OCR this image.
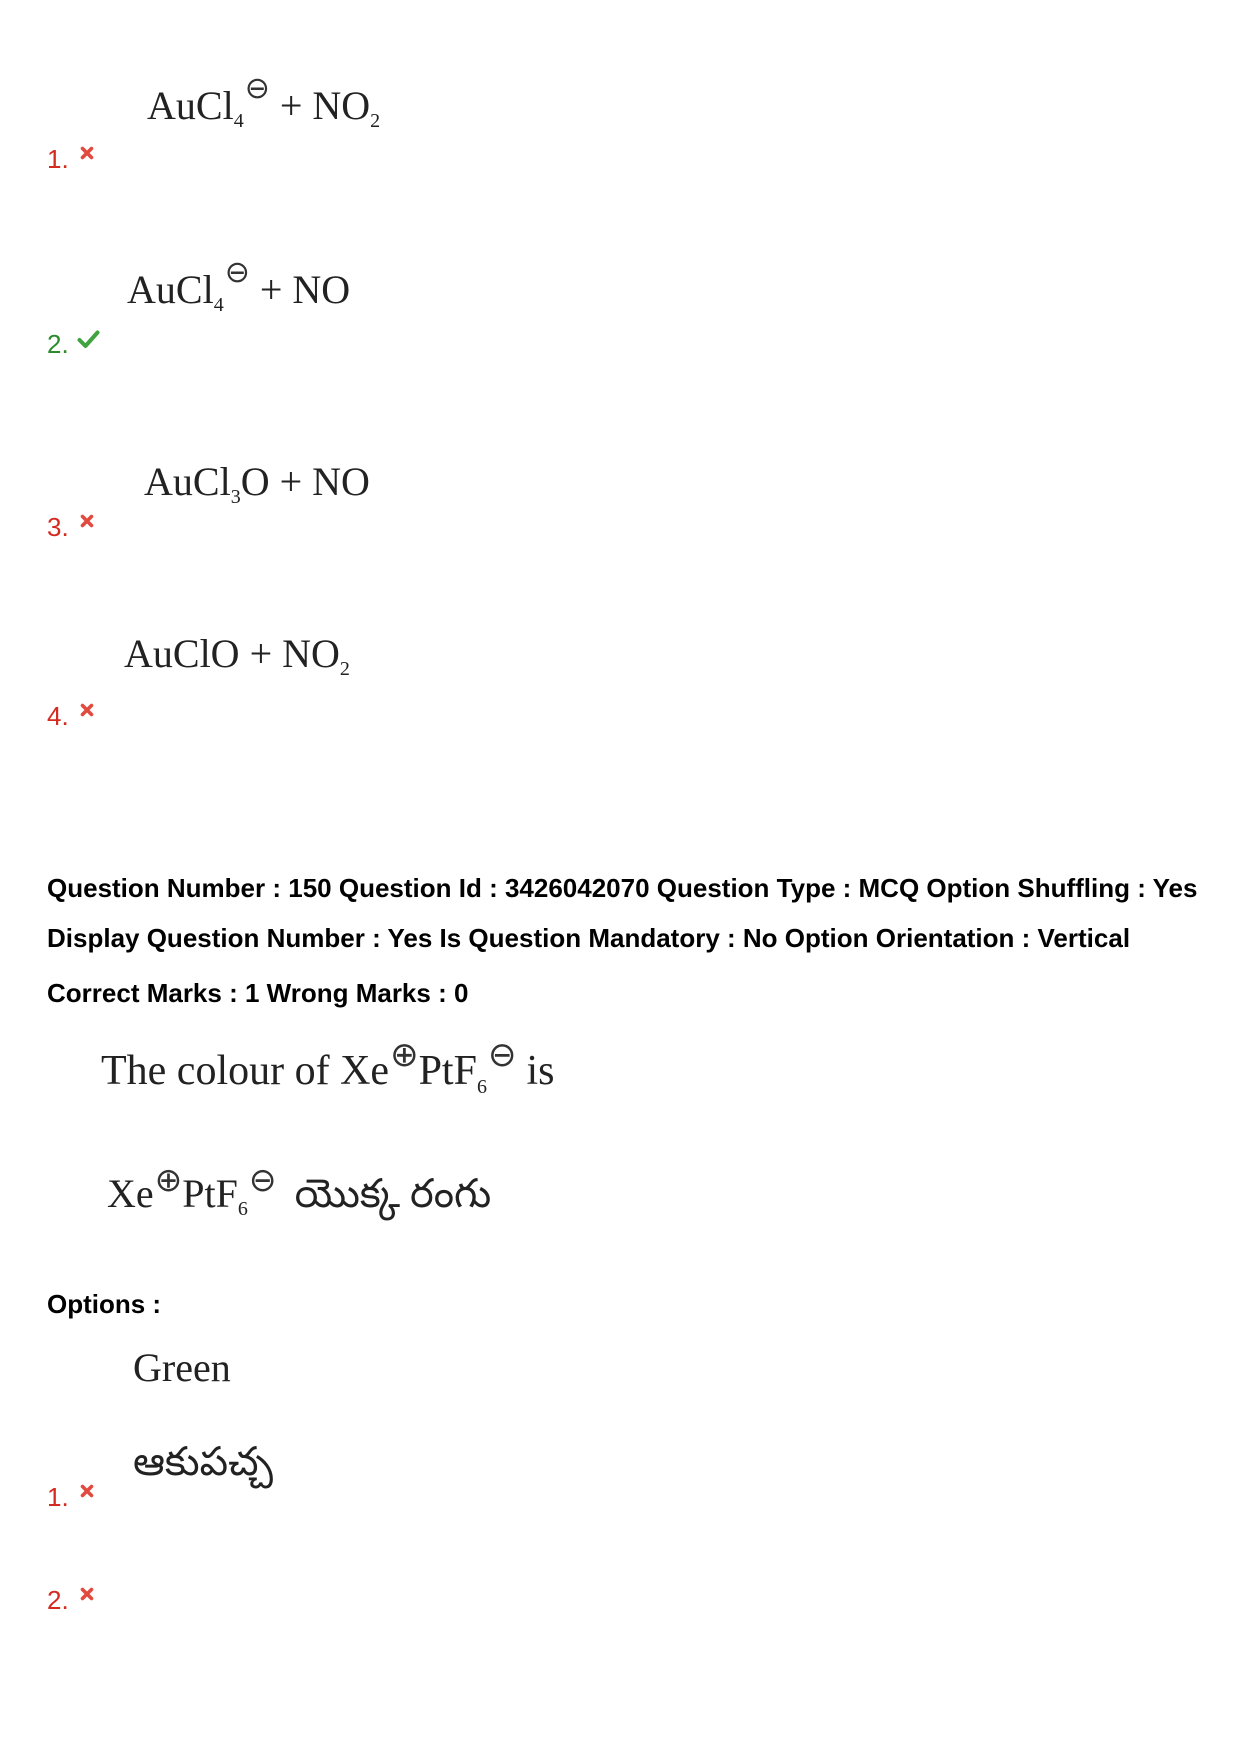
AuCl$_4$⊖ + $NO_2$
1.
AuCl$_4$⊖ + NO
2.
AuCl$_3$O + NO
3.
AuClO + $NO_2$
4.
Question Number : 150 Question Id : 3426042070 Question Type : MCQ Option Shuffling : Yes
Display Question Number : Yes Is Question Mandatory : No Option Orientation : Vertical
Correct Marks : 1 Wrong Marks : 0
The colour of Xe⊕PtF$_6$⊖ is
Xe⊕PtF$_6$⊖ యొక్క రంగు
Options :
Green
ఆకుపచ్చ
1.
2.
